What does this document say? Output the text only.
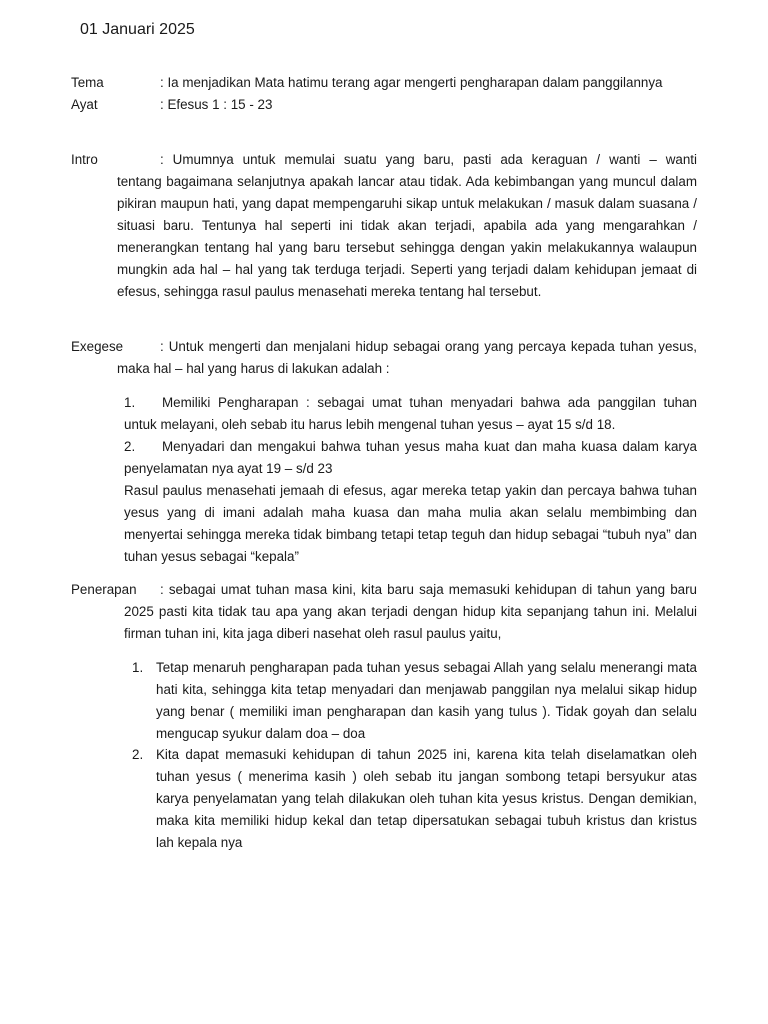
01 Januari 2025
Tema	: Ia menjadikan Mata hatimu terang agar mengerti pengharapan dalam panggilannya
Ayat	: Efesus 1 : 15 - 23
Intro	: Umumnya untuk memulai suatu yang baru, pasti ada keraguan / wanti – wanti
tentang bagaimana selanjutnya apakah lancar atau tidak. Ada kebimbangan yang muncul dalam pikiran maupun hati, yang dapat mempengaruhi sikap untuk melakukan / masuk dalam suasana / situasi baru. Tentunya hal seperti ini tidak akan terjadi, apabila ada yang mengarahkan / menerangkan tentang hal yang baru tersebut sehingga dengan yakin melakukannya walaupun mungkin ada hal – hal yang tak terduga terjadi. Seperti yang terjadi dalam kehidupan jemaat di efesus, sehingga rasul paulus menasehati mereka tentang hal tersebut.
Exegese	: Untuk mengerti dan menjalani hidup sebagai orang yang percaya kepada tuhan yesus,
maka hal – hal yang harus di lakukan adalah :
1. Memiliki Pengharapan : sebagai umat tuhan menyadari bahwa ada panggilan tuhan
untuk melayani, oleh sebab itu harus lebih mengenal tuhan yesus – ayat 15 s/d 18.
2. Menyadari dan mengakui bahwa tuhan yesus maha kuat dan maha kuasa dalam karya
penyelamatan nya ayat 19 – s/d 23
Rasul paulus menasehati jemaah di efesus, agar mereka tetap yakin dan percaya bahwa tuhan yesus yang di imani adalah maha kuasa dan maha mulia akan selalu membimbing dan menyertai sehingga mereka tidak bimbang tetapi tetap teguh dan hidup sebagai “tubuh nya” dan tuhan yesus sebagai “kepala”
Penerapan : sebagai umat tuhan masa kini, kita baru saja memasuki kehidupan di tahun yang baru
2025 pasti kita tidak tau apa yang akan terjadi dengan hidup kita sepanjang tahun ini. Melalui firman tuhan ini, kita jaga diberi nasehat oleh rasul paulus yaitu,
1. Tetap menaruh pengharapan pada tuhan yesus sebagai Allah yang selalu menerangi mata hati kita, sehingga kita tetap menyadari dan menjawab panggilan nya melalui sikap hidup yang benar ( memiliki iman pengharapan dan kasih yang tulus ). Tidak goyah dan selalu mengucap syukur dalam doa – doa
2. Kita dapat memasuki kehidupan di tahun 2025 ini, karena kita telah diselamatkan oleh tuhan yesus ( menerima kasih ) oleh sebab itu jangan sombong tetapi bersyukur atas karya penyelamatan yang telah dilakukan oleh tuhan kita yesus kristus. Dengan demikian, maka kita memiliki hidup kekal dan tetap dipersatukan sebagai tubuh kristus dan kristus lah kepala nya
